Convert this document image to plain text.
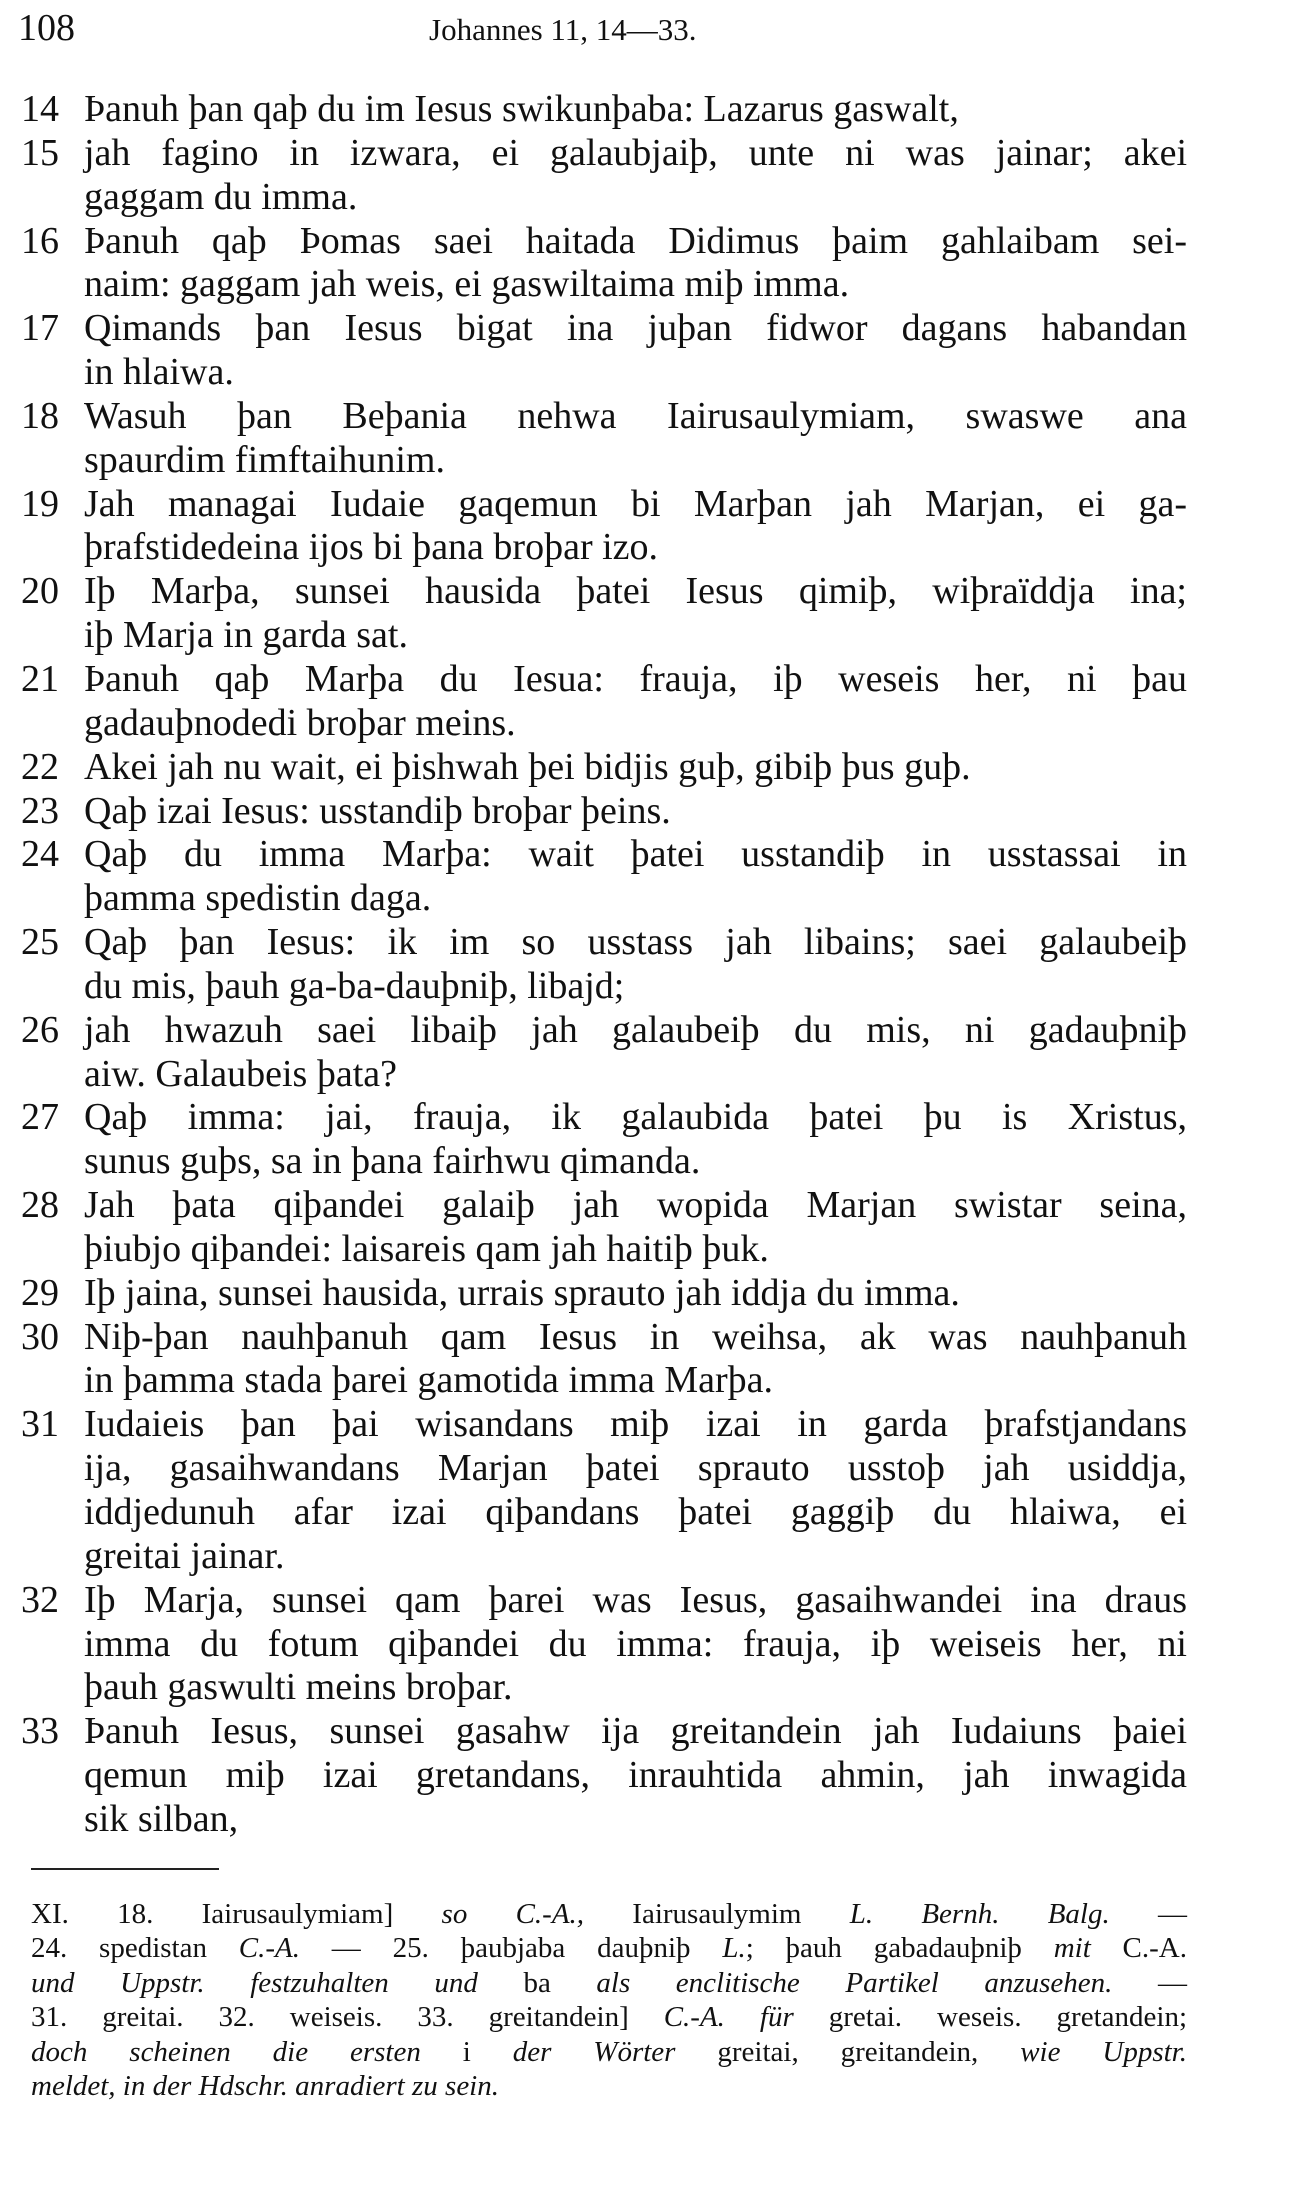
108	Johannes 11, 14—33.
14 Þanuh þan qaþ du im Iesus swikunþaba: Lazarus gaswalt,
15 jah fagino in izwara, ei galaubjaiþ, unte ni was jainar; akei
gaggam du imma.
16 Þanuh qaþ Þomas saei haitada Didimus þaim gahlaibam sei-
naim: gaggam jah weis, ei gaswiltaima miþ imma.
17 Qimands þan Iesus bigat ina juþan fidwor dagans habandan
in hlaiwa.
18 Wasuh þan Beþania nehwa Iairusaulymiam, swaswe ana
spaurdim fimftaihunim.
19 Jah managai Iudaie gaqemun bi Marþan jah Marjan, ei ga-
þrafstidedeina ijos bi þana broþar izo.
20 Iþ Marþa, sunsei hausida þatei Iesus qimiþ, wiþraïddja ina;
iþ Marja in garda sat.
21 Þanuh qaþ Marþa du Iesua: frauja, iþ weseis her, ni þau
gadauþnodedi broþar meins.
22 Akei jah nu wait, ei þishwah þei bidjis guþ, gibiþ þus guþ.
23 Qaþ izai Iesus: usstandiþ broþar þeins.
24 Qaþ du imma Marþa: wait þatei usstandiþ in usstassai in
þamma spedistin daga.
25 Qaþ þan Iesus: ik im so usstass jah libains; saei galaubeiþ
du mis, þauh ga-ba-dauþniþ, libajd;
26 jah hwazuh saei libaiþ jah galaubeiþ du mis, ni gadauþniþ
aiw. Galaubeis þata?
27 Qaþ imma: jai, frauja, ik galaubida þatei þu is Xristus,
sunus guþs, sa in þana fairhwu qimanda.
28 Jah þata qiþandei galaiþ jah wopida Marjan swistar seina,
þiubjo qiþandei: laisareis qam jah haitiþ þuk.
29 Iþ jaina, sunsei hausida, urrais sprauto jah iddja du imma.
30 Niþ-þan nauhþanuh qam Iesus in weihsa, ak was nauhþanuh
in þamma stada þarei gamotida imma Marþa.
31 Iudaieis þan þai wisandans miþ izai in garda þrafstjandans
ija, gasaihwandans Marjan þatei sprauto usstoþ jah usiddja,
iddjedunuh afar izai qiþandans þatei gaggiþ du hlaiwa, ei
greitai jainar.
32 Iþ Marja, sunsei qam þarei was Iesus, gasaihwandei ina draus
imma du fotum qiþandei du imma: frauja, iþ weiseis her, ni
þauh gaswulti meins broþar.
33 Þanuh Iesus, sunsei gasahw ija greitandein jah Iudaiuns þaiei
qemun miþ izai gretandans, inrauhtida ahmin, jah inwagida
sik silban,
XI. 18. Iairusaulymiam] so C.-A., Iairusaulymim L. Bernh. Balg. —
24. spedistan C.-A. — 25. þaubjaba dauþniþ L.; þauh gabadauþniþ mit C.-A.
und Uppstr. festzuhalten und ba als enclitische Partikel anzusehen. —
31. greitai. 32. weiseis. 33. greitandein] C.-A. für gretai. weseis. gretandein;
doch scheinen die ersten i der Wörter greitai, greitandein, wie Uppstr.
meldet, in der Hdschr. anradiert zu sein.
